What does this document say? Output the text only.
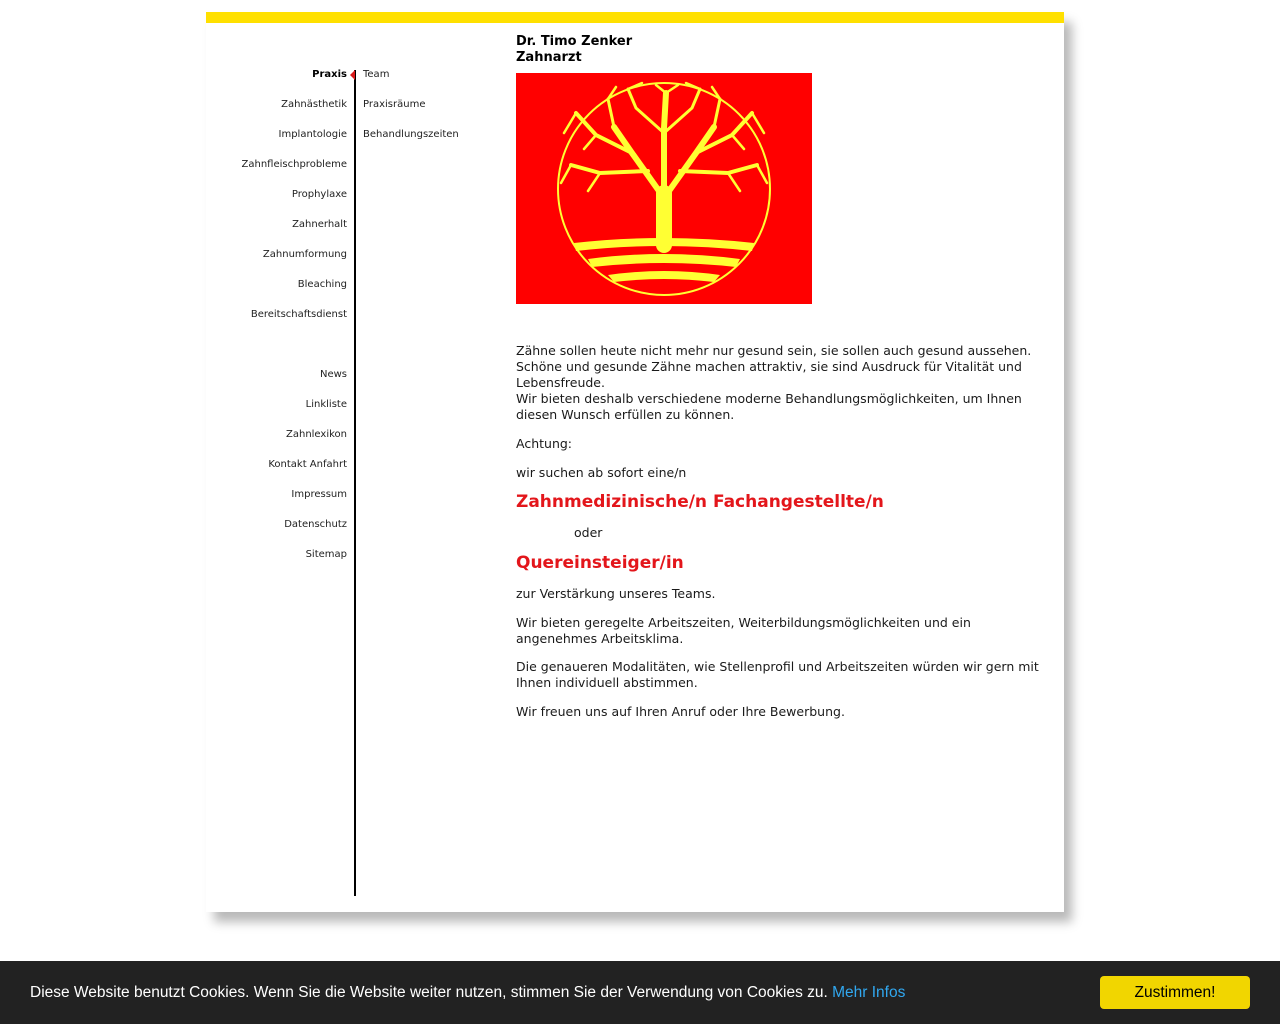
Praxis
Zahnästhetik
Implantologie
Zahnfleischprobleme
Prophylaxe
Zahnerhalt
Zahnumformung
Bleaching
Bereitschaftsdienst
News
Linkliste
Zahnlexikon
Kontakt Anfahrt
Impressum
Datenschutz
Sitemap
Team
Praxisräume
Behandlungszeiten
Dr. Timo Zenker
Zahnarzt

Zähne sollen heute nicht mehr nur gesund sein, sie sollen auch gesund aussehen. Schöne und gesunde Zähne machen attraktiv, sie sind Ausdruck für Vitalität und Lebensfreude.

Wir bieten deshalb verschiedene moderne Behandlungsmöglichkeiten, um Ihnen diesen Wunsch erfüllen zu können.

Achtung:

wir suchen ab sofort eine/n

Zahnmedizinische/n Fachangestellte/n

oder

Quereinsteiger/in

zur Verstärkung unseres Teams.

Wir bieten geregelte Arbeitszeiten, Weiterbildungsmöglichkeiten und ein angenehmes Arbeitsklima.

Die genaueren Modalitäten, wie Stellenprofil und Arbeitszeiten würden wir gern mit Ihnen individuell abstimmen.

Wir freuen uns auf Ihren Anruf oder Ihre Bewerbung.

Diese Website benutzt Cookies. Wenn Sie die Website weiter nutzen, stimmen Sie der Verwendung von Cookies zu. Mehr Infos	Zustimmen!
